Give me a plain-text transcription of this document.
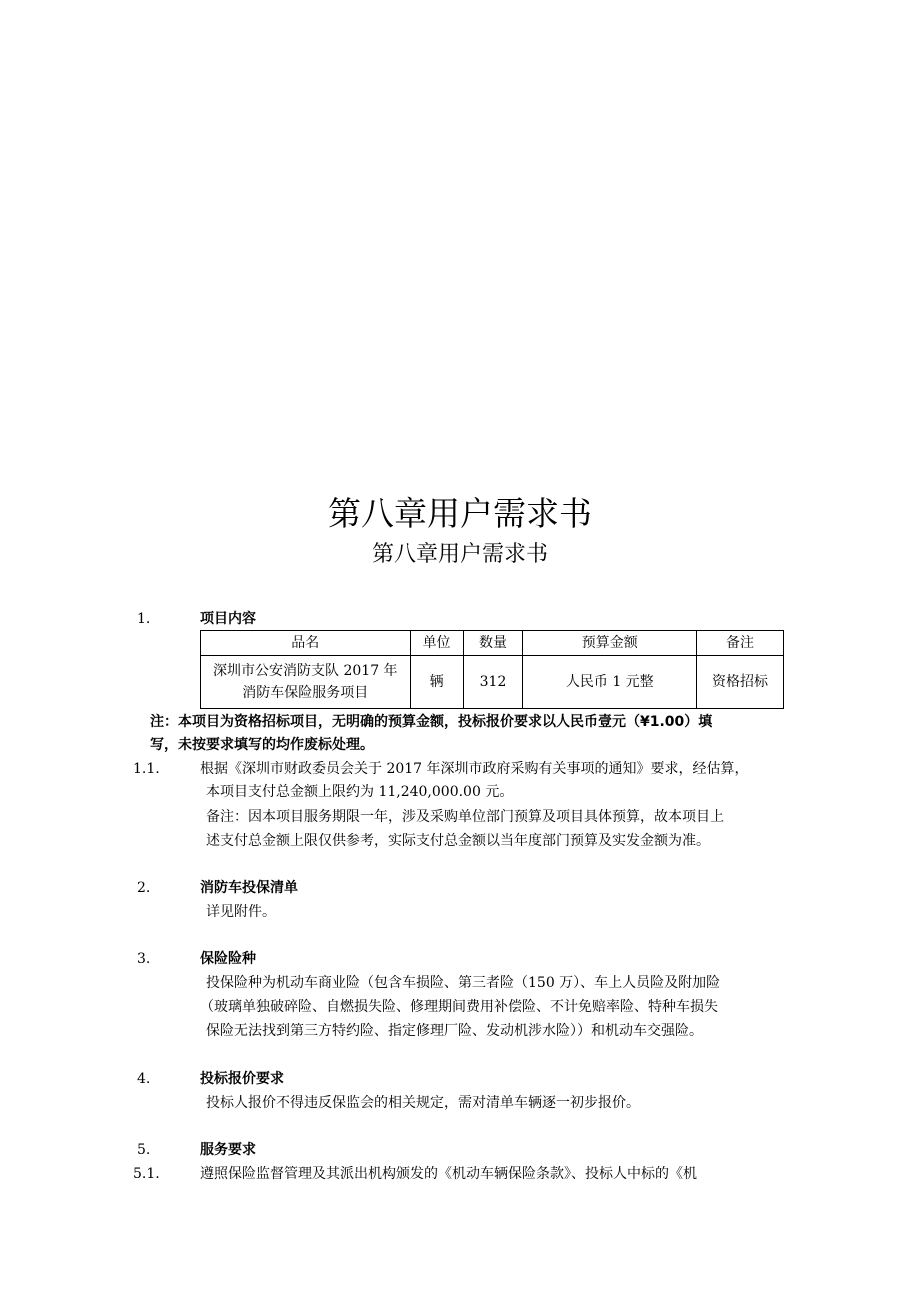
第八章用户需求书
第八章用户需求书
1.	项目内容
品名	单位	数量	预算金额	备注

深圳市公安消防支队 2017 年
消防车保险服务项目	辆	312	人民币 1 元整	资格招标
注：本项目为资格招标项目，无明确的预算金额，投标报价要求以人民币壹元（¥1.00）填
写，未按要求填写的均作废标处理。
1.1.	根据《深圳市财政委员会关于 2017 年深圳市政府采购有关事项的通知》要求，经估算，
本项目支付总金额上限约为 11,240,000.00 元。
备注：因本项目服务期限一年，涉及采购单位部门预算及项目具体预算，故本项目上
述支付总金额上限仅供参考，实际支付总金额以当年度部门预算及实发金额为准。
2.	消防车投保清单
详见附件。
3.	保险险种
投保险种为机动车商业险（包含车损险、第三者险（150 万）、车上人员险及附加险
（玻璃单独破碎险、自燃损失险、修理期间费用补偿险、不计免赔率险、特种车损失
保险无法找到第三方特约险、指定修理厂险、发动机涉水险））和机动车交强险。
4.	投标报价要求
投标人报价不得违反保监会的相关规定，需对清单车辆逐一初步报价。
5.	服务要求
5.1.	遵照保险监督管理及其派出机构颁发的《机动车辆保险条款》、投标人中标的《机
